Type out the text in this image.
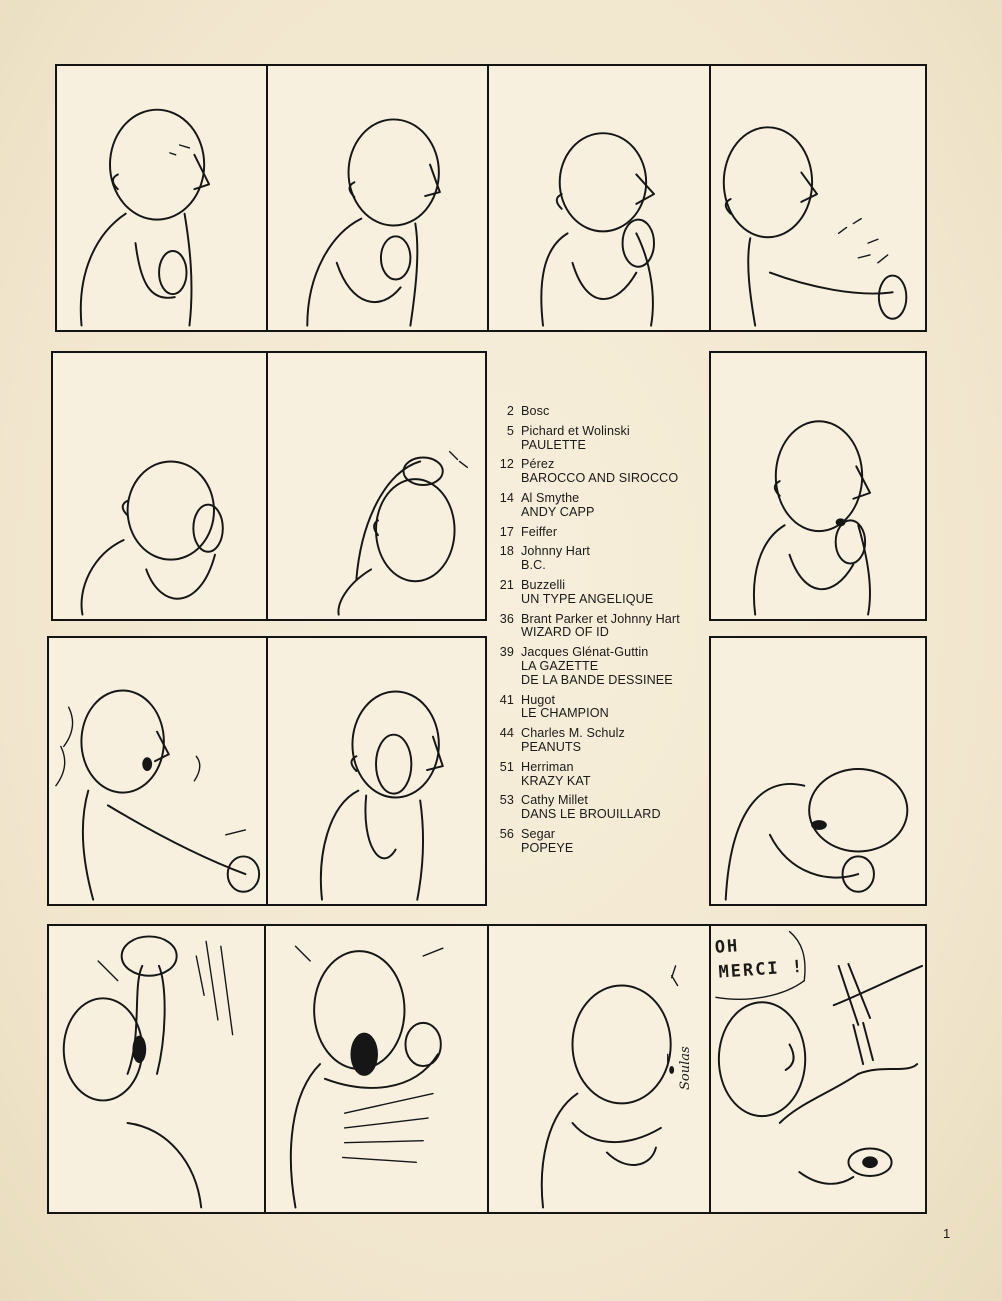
2 Bosc
5 Pichard et Wolinski
PAULETTE
12 Pérez
BAROCCO AND SIROCCO
14 Al Smythe
ANDY CAPP
17 Feiffer
18 Johnny Hart
B.C.
21 Buzzelli
UN TYPE ANGELIQUE
36 Brant Parker et Johnny Hart
WIZARD OF ID
39 Jacques Glénat-Guttin
LA GAZETTE
DE LA BANDE DESSINEE
41 Hugot
LE CHAMPION
44 Charles M. Schulz
PEANUTS
51 Herriman
KRAZY KAT
53 Cathy Millet
DANS LE BROUILLARD
56 Segar
POPEYE
OH
MERCI !
Soulas
1
